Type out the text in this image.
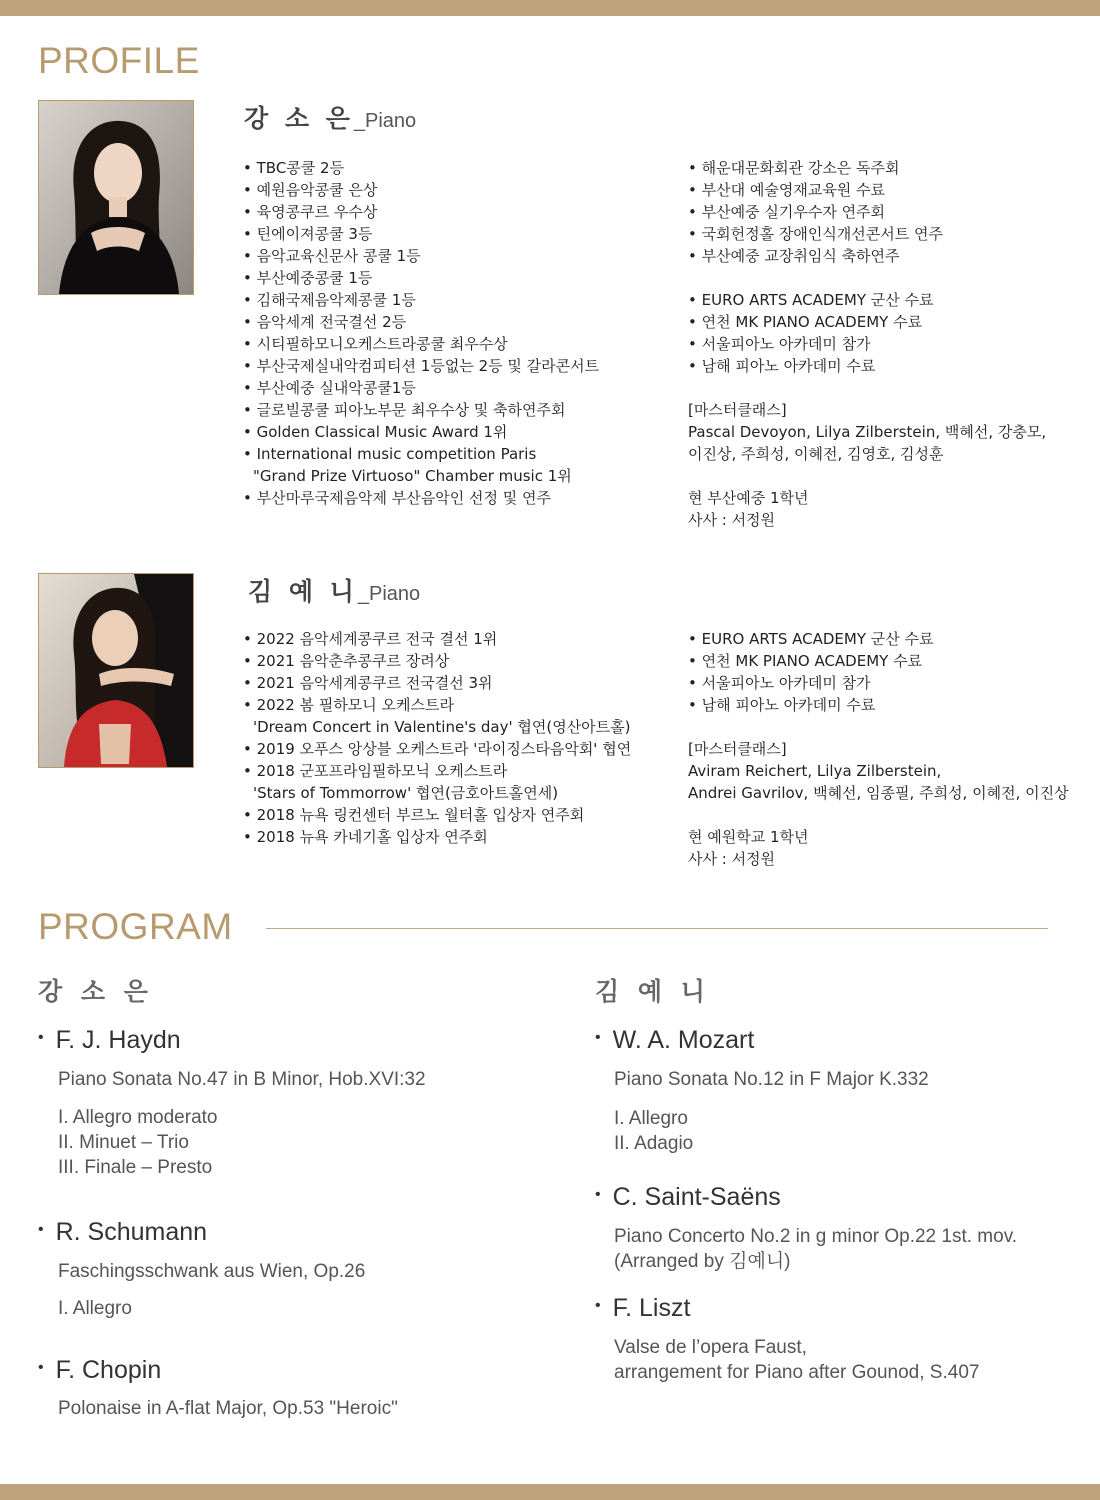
PROFILE
강 소 은_Piano
• TBC콩쿨 2등
• 예원음악콩쿨 은상
• 육영콩쿠르 우수상
• 틴에이져콩쿨 3등
• 음악교육신문사 콩쿨 1등
• 부산예중콩쿨 1등
• 김해국제음악제콩쿨 1등
• 음악세계 전국결선 2등
• 시티필하모니오케스트라콩쿨 최우수상
• 부산국제실내악컴피티션 1등없는 2등 및 갈라콘서트
• 부산예중 실내악콩쿨1등
• 글로빌콩쿨 피아노부문 최우수상 및 축하연주회
• Golden Classical Music Award 1위
• International music competition Paris
"Grand Prize Virtuoso" Chamber music 1위
• 부산마루국제음악제 부산음악인 선정 및 연주
• 해운대문화회관 강소은 독주회
• 부산대 예술영재교육원 수료
• 부산예중 실기우수자 연주회
• 국회헌정홀 장애인식개선콘서트 연주
• 부산예중 교장취임식 축하연주
• EURO ARTS ACADEMY 군산 수료
• 연천 MK PIANO ACADEMY 수료
• 서울피아노 아카데미 참가
• 남해 피아노 아카데미 수료

[마스터클래스]

Pascal Devoyon, Lilya Zilberstein, 백혜선, 강충모,
이진상, 주희성, 이혜전, 김영호, 김성훈

현 부산예중 1학년

사사 : 서정원

김 예 니_Piano
• 2022 음악세계콩쿠르 전국 결선 1위
• 2021 음악춘추콩쿠르 장려상
• 2021 음악세계콩쿠르 전국결선 3위
• 2022 봄 필하모니 오케스트라
'Dream Concert in Valentine's day' 협연(영산아트홀)
• 2019 오푸스 앙상블 오케스트라 '라이징스타음악회' 협연
• 2018 군포프라임필하모닉 오케스트라
'Stars of Tommorrow' 협연(금호아트홀연세)
• 2018 뉴욕 링컨센터 부르노 월터홀 입상자 연주회
• 2018 뉴욕 카네기홀 입상자 연주회
• EURO ARTS ACADEMY 군산 수료
• 연천 MK PIANO ACADEMY 수료
• 서울피아노 아카데미 참가
• 남해 피아노 아카데미 수료

[마스터클래스]

Aviram Reichert, Lilya Zilberstein,
Andrei Gavrilov, 백혜선, 임종필, 주희성, 이혜전, 이진상

현 예원학교 1학년

사사 : 서정원

PROGRAM
강 소 은

• F. J. Haydn

Piano Sonata No.47 in B Minor, Hob.XVI:32

I. Allegro moderato
II. Minuet – Trio
III. Finale – Presto

• R. Schumann

Faschingsschwank aus Wien, Op.26

I. Allegro

• F. Chopin

Polonaise in A-flat Major, Op.53 "Heroic"

김 예 니

• W. A. Mozart

Piano Sonata No.12 in F Major K.332

I. Allegro
II. Adagio

• C. Saint-Saëns

Piano Concerto No.2 in g minor Op.22 1st. mov.
(Arranged by 김예니)

• F. Liszt

Valse de l’opera Faust,
arrangement for Piano after Gounod, S.407
